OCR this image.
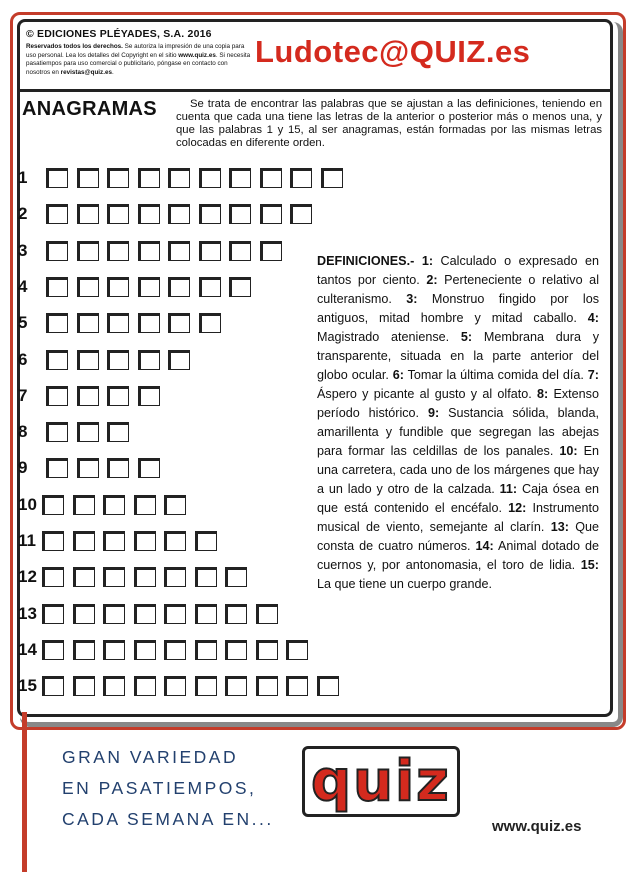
© EDICIONES PLÉYADES, S.A. 2016
Reservados todos los derechos. Se autoriza la impresión de una copia para uso personal. Lea los detalles del Copyright en el sitio www.quiz.es. Si necesita pasatiempos para uso comercial o publicitario, póngase en contacto con nosotros en revistas@quiz.es.
Ludotec@QUIZ.es
ANAGRAMAS	Se trata de encontrar las palabras que se ajustan a las definiciones, teniendo en cuenta que cada una tiene las letras de la anterior o posterior más o menos una, y que las palabras 1 y 15, al ser anagramas, están formadas por las mismas letras colocadas en diferente orden.
1
2
3
4
5
6
7
8
9
10
11
12
13
14
15
DEFINICIONES.- 1: Calculado o expresado en tantos por ciento. 2: Perteneciente o relativo al culteranismo. 3: Monstruo fingido por los antiguos, mitad hombre y mitad caballo. 4: Magistrado ateniense. 5: Membrana dura y transparente, situada en la parte anterior del globo ocular. 6: Tomar la última comida del día. 7: Áspero y picante al gusto y al olfato. 8: Extenso período histórico. 9: Sustancia sólida, blanda, amarillenta y fundible que segregan las abejas para formar las celdillas de los panales. 10: En una carretera, cada uno de los márgenes que hay a un lado y otro de la calzada. 11: Caja ósea en que está contenido el encéfalo. 12: Instrumento musical de viento, semejante al clarín. 13: Que consta de cuatro números. 14: Animal dotado de cuernos y, por antonomasia, el toro de lidia. 15: La que tiene un cuerpo grande.
GRAN VARIEDAD
EN PASATIEMPOS,
CADA SEMANA EN...
quiz
www.quiz.es
